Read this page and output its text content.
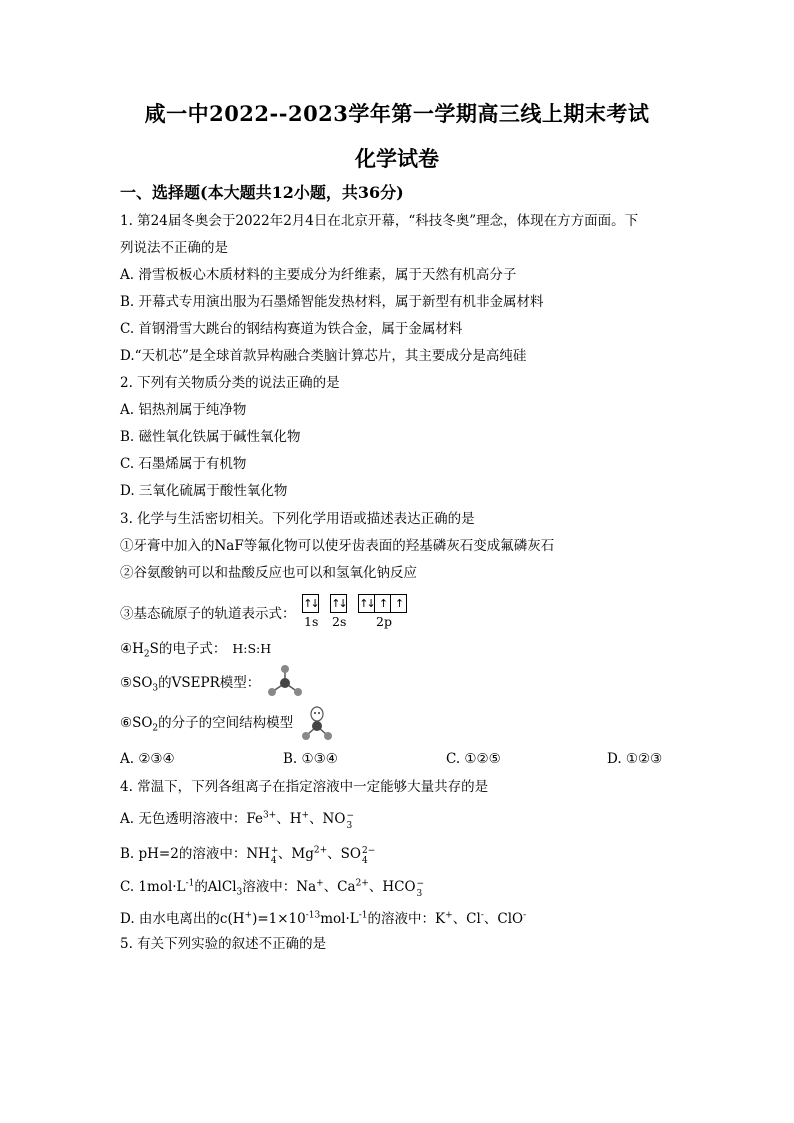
咸一中2022--2023学年第一学期高三线上期末考试
化学试卷
一、选择题(本大题共12小题，共36分)
1. 第24届冬奥会于2022年2月4日在北京开幕，“科技冬奥”理念，体现在方方面面。下
列说法不正确的是
A. 滑雪板板心木质材料的主要成分为纤维素，属于天然有机高分子
B. 开幕式专用演出服为石墨烯智能发热材料，属于新型有机非金属材料
C. 首钢滑雪大跳台的钢结构赛道为铁合金，属于金属材料
D.“天机芯”是全球首款异构融合类脑计算芯片，其主要成分是高纯硅
2. 下列有关物质分类的说法正确的是
A. 铝热剂属于纯净物
B. 磁性氧化铁属于碱性氧化物
C. 石墨烯属于有机物
D. 三氧化硫属于酸性氧化物
3. 化学与生活密切相关。下列化学用语或描述表达正确的是
①牙膏中加入的NaF等氟化物可以使牙齿表面的羟基磷灰石变成氟磷灰石
②谷氨酸钠可以和盐酸反应也可以和氢氧化钠反应
③基态硫原子的轨道表示式：
↑↓ ↑↓ ↑↓ ↑ ↑
1s 2s 2p
$④H_2S$的电子式： H:S:H
$⑤SO_3$的VSEPR模型：
$⑥SO_2$的分子的空间结构模型
A. ②③④	B. ①③④	C. ①②⑤	D. ①②③
4. 常温下，下列各组离子在指定溶液中一定能够大量共存的是
A. 无色透明溶液中：$Fe^{3+}$、H+、NO −
3
B. pH=2的溶液中：NH +
4 、$Mg^{2+}$、SO 2−
4
C. $1mol\cdot L^{-1}$的AlCl$_3$溶液中：Na+、$Ca^{2+}$、HCO −
3
D. 由水电离出的$c(H^+)=1\times 10^{-13}mol\cdot L^{-1}$的溶液中：K+、Cl-、ClO-
5. 有关下列实验的叙述不正确的是
